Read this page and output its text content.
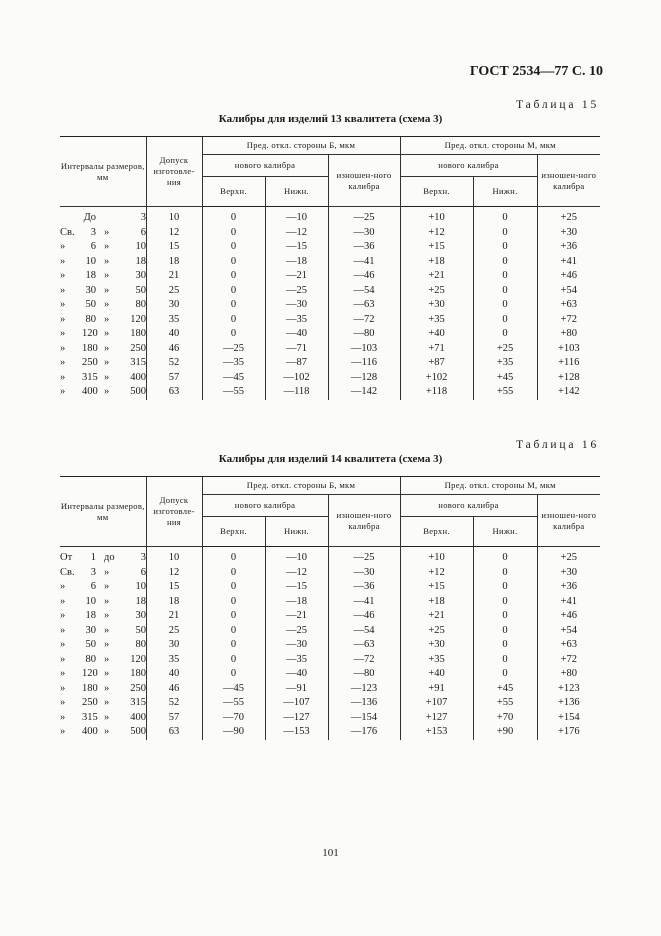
ГОСТ 2534—77 С. 10
Таблица 15
Калибры для изделий 13 квалитета (схема 3)
Интервалы размеров, мм	Допуск изготовле-ния	Пред. откл. стороны Б, мкм			Пред. откл. стороны М, мкм		
		нового калибра		изношен-ного калибра	нового калибра		изношен-ного калибра
		Верхн.	Нижн.		Верхн.	Нижн.	

До 3	10	0	—10	—25	+10	0	+25

Св. 3 » 6	12	0	—12	—30	+12	0	+30

» 6 » 10	15	0	—15	—36	+15	0	+36

» 10 » 18	18	0	—18	—41	+18	0	+41

» 18 » 30	21	0	—21	—46	+21	0	+46

» 30 » 50	25	0	—25	—54	+25	0	+54

» 50 » 80	30	0	—30	—63	+30	0	+63

» 80 » 120	35	0	—35	—72	+35	0	+72

» 120 » 180	40	0	—40	—80	+40	0	+80

» 180 » 250	46	—25	—71	—103	+71	+25	+103

» 250 » 315	52	—35	—87	—116	+87	+35	+116

» 315 » 400	57	—45	—102	—128	+102	+45	+128

» 400 » 500	63	—55	—118	—142	+118	+55	+142
Таблица 16
Калибры для изделий 14 квалитета (схема 3)
Интервалы размеров, мм	Допуск изготовле-ния	Пред. откл. стороны Б, мкм			Пред. откл. стороны М, мкм		
		нового калибра		изношен-ного калибра	нового калибра		изношен-ного калибра
		Верхн.	Нижн.		Верхн.	Нижн.	

От 1 до 3	10	0	—10	—25	+10	0	+25

Св. 3 » 6	12	0	—12	—30	+12	0	+30

» 6 » 10	15	0	—15	—36	+15	0	+36

» 10 » 18	18	0	—18	—41	+18	0	+41

» 18 » 30	21	0	—21	—46	+21	0	+46

» 30 » 50	25	0	—25	—54	+25	0	+54

» 50 » 80	30	0	—30	—63	+30	0	+63

» 80 » 120	35	0	—35	—72	+35	0	+72

» 120 » 180	40	0	—40	—80	+40	0	+80

» 180 » 250	46	—45	—91	—123	+91	+45	+123

» 250 » 315	52	—55	—107	—136	+107	+55	+136

» 315 » 400	57	—70	—127	—154	+127	+70	+154

» 400 » 500	63	—90	—153	—176	+153	+90	+176
101
